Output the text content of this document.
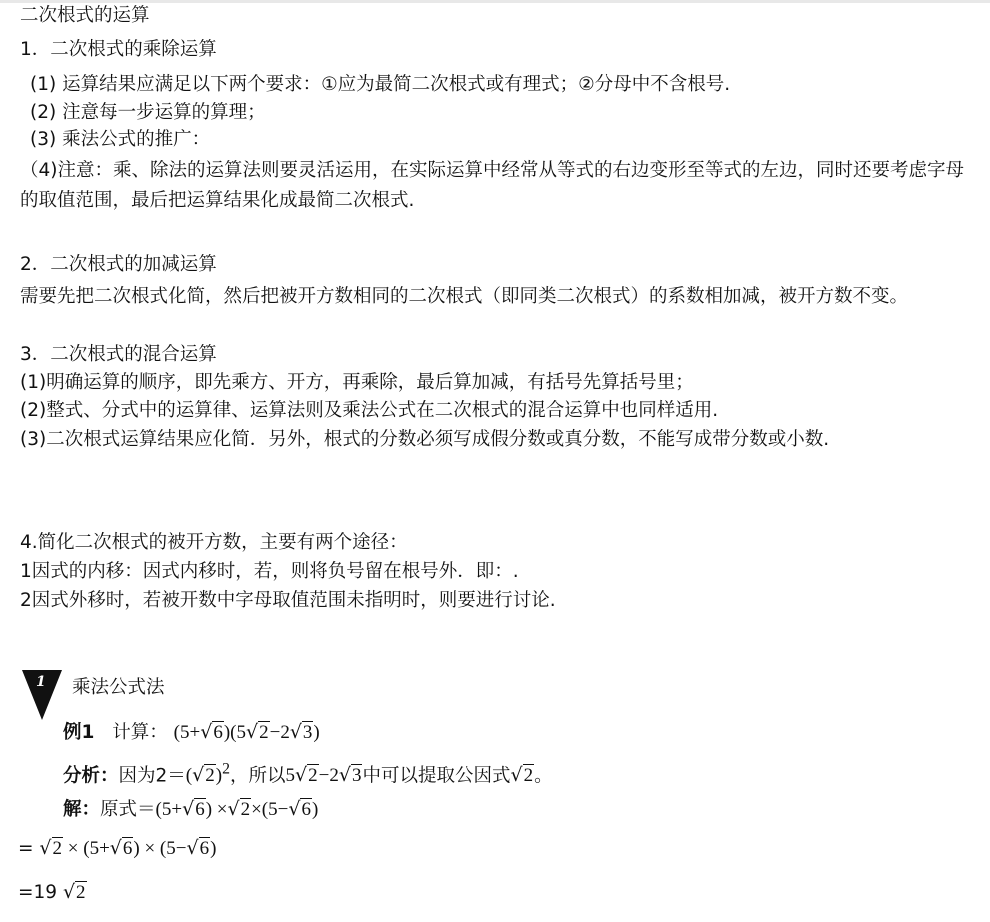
二次根式的运算
1．二次根式的乘除运算
(1) 运算结果应满足以下两个要求：①应为最简二次根式或有理式；②分母中不含根号.
(2) 注意每一步运算的算理；
(3) 乘法公式的推广：
（4)注意：乘、除法的运算法则要灵活运用，在实际运算中经常从等式的右边变形至等式的左边，同时还要考虑字母的取值范围，最后把运算结果化成最简二次根式.
2．二次根式的加减运算
需要先把二次根式化简，然后把被开方数相同的二次根式（即同类二次根式）的系数相加减，被开方数不变。
3．二次根式的混合运算
(1)明确运算的顺序，即先乘方、开方，再乘除，最后算加减，有括号先算括号里；
(2)整式、分式中的运算律、运算法则及乘法公式在二次根式的混合运算中也同样适用.
(3)二次根式运算结果应化简．另外，根式的分数必须写成假分数或真分数，不能写成带分数或小数.
4.简化二次根式的被开方数，主要有两个途径：
1因式的内移：因式内移时，若，则将负号留在根号外．即：.
2因式外移时，若被开数中字母取值范围未指明时，则要进行讨论.
1 乘法公式法
例1 计算： (5+√6)(5√2−2√3)
分析：因为$2=(√2)^2$，所以5√2−2√3中可以提取公因式√2。
解：原式＝(5+√6) ×√2×(5−√6)
= √2 × (5+√6) × (5−√6)
=19 √2
